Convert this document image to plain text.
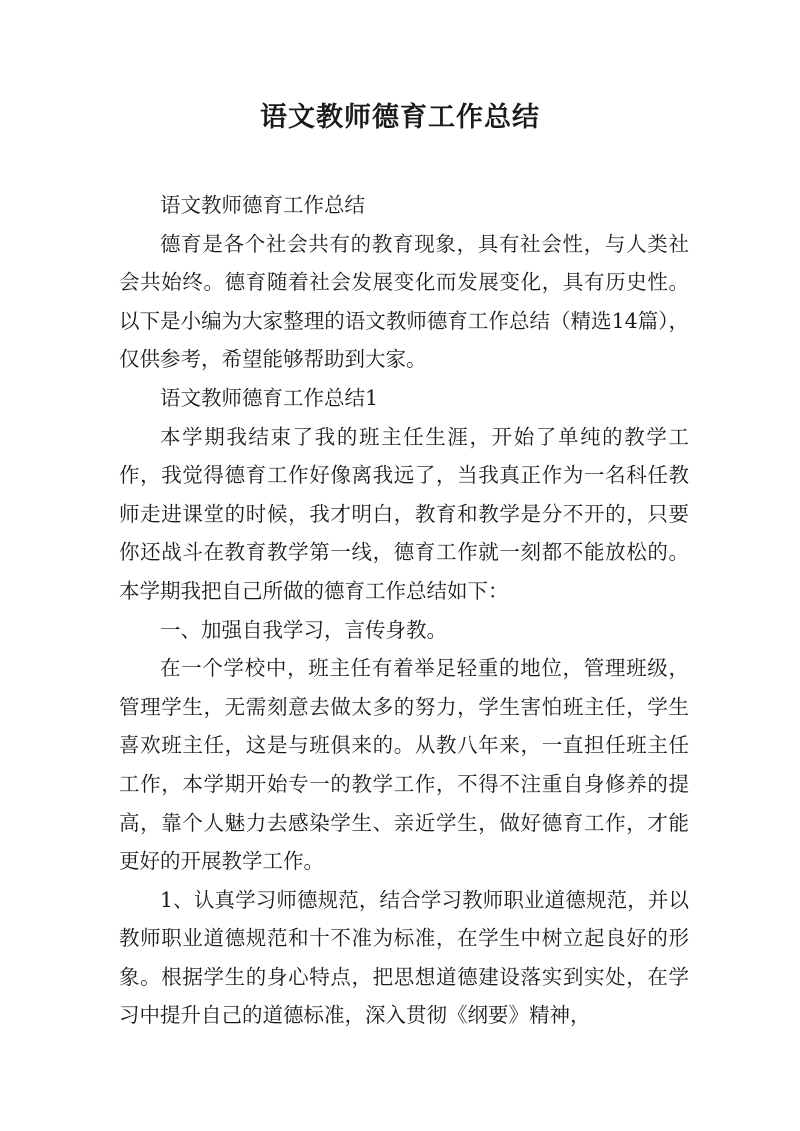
语文教师德育工作总结

语文教师德育工作总结

德育是各个社会共有的教育现象，具有社会性，与人类社会共始终。德育随着社会发展变化而发展变化，具有历史性。以下是小编为大家整理的语文教师德育工作总结（精选14篇），仅供参考，希望能够帮助到大家。

语文教师德育工作总结1

本学期我结束了我的班主任生涯，开始了单纯的教学工作，我觉得德育工作好像离我远了，当我真正作为一名科任教师走进课堂的时候，我才明白，教育和教学是分不开的，只要你还战斗在教育教学第一线，德育工作就一刻都不能放松的。本学期我把自己所做的德育工作总结如下：

一、加强自我学习，言传身教。

在一个学校中，班主任有着举足轻重的地位，管理班级，管理学生，无需刻意去做太多的努力，学生害怕班主任，学生喜欢班主任，这是与班俱来的。从教八年来，一直担任班主任工作，本学期开始专一的教学工作，不得不注重自身修养的提高，靠个人魅力去感染学生、亲近学生，做好德育工作，才能更好的开展教学工作。

1、认真学习师德规范，结合学习教师职业道德规范，并以教师职业道德规范和十不准为标准，在学生中树立起良好的形象。根据学生的身心特点，把思想道德建设落实到实处，在学习中提升自己的道德标准，深入贯彻《纲要》精神，
